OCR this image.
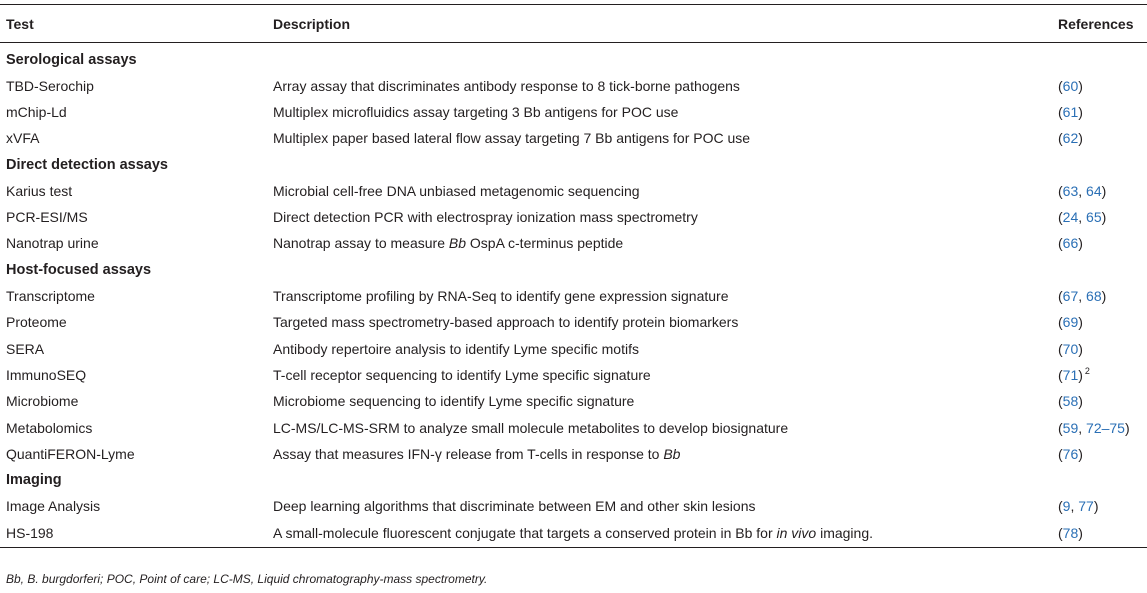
Test	Description	References
Serological assays		
TBD-Serochip	Array assay that discriminates antibody response to 8 tick-borne pathogens	(60)
mChip-Ld	Multiplex microfluidics assay targeting 3 Bb antigens for POC use	(61)
xVFA	Multiplex paper based lateral flow assay targeting 7 Bb antigens for POC use	(62)
Direct detection assays		
Karius test	Microbial cell-free DNA unbiased metagenomic sequencing	(63, 64)
PCR-ESI/MS	Direct detection PCR with electrospray ionization mass spectrometry	(24, 65)
Nanotrap urine	Nanotrap assay to measure Bb OspA c-terminus peptide	(66)
Host-focused assays		
Transcriptome	Transcriptome profiling by RNA-Seq to identify gene expression signature	(67, 68)
Proteome	Targeted mass spectrometry-based approach to identify protein biomarkers	(69)
SERA	Antibody repertoire analysis to identify Lyme specific motifs	(70)
ImmunoSEQ	T-cell receptor sequencing to identify Lyme specific signature	(71) $^2$
Microbiome	Microbiome sequencing to identify Lyme specific signature	(58)
Metabolomics	LC-MS/LC-MS-SRM to analyze small molecule metabolites to develop biosignature	(59, 72–75)
QuantiFERON-Lyme	Assay that measures IFN-γ release from T-cells in response to Bb	(76)
Imaging		
Image Analysis	Deep learning algorithms that discriminate between EM and other skin lesions	(9, 77)
HS-198	A small-molecule fluorescent conjugate that targets a conserved protein in Bb for in vivo imaging.	(78)
Bb, B. burgdorferi; POC, Point of care; LC-MS, Liquid chromatography-mass spectrometry.
